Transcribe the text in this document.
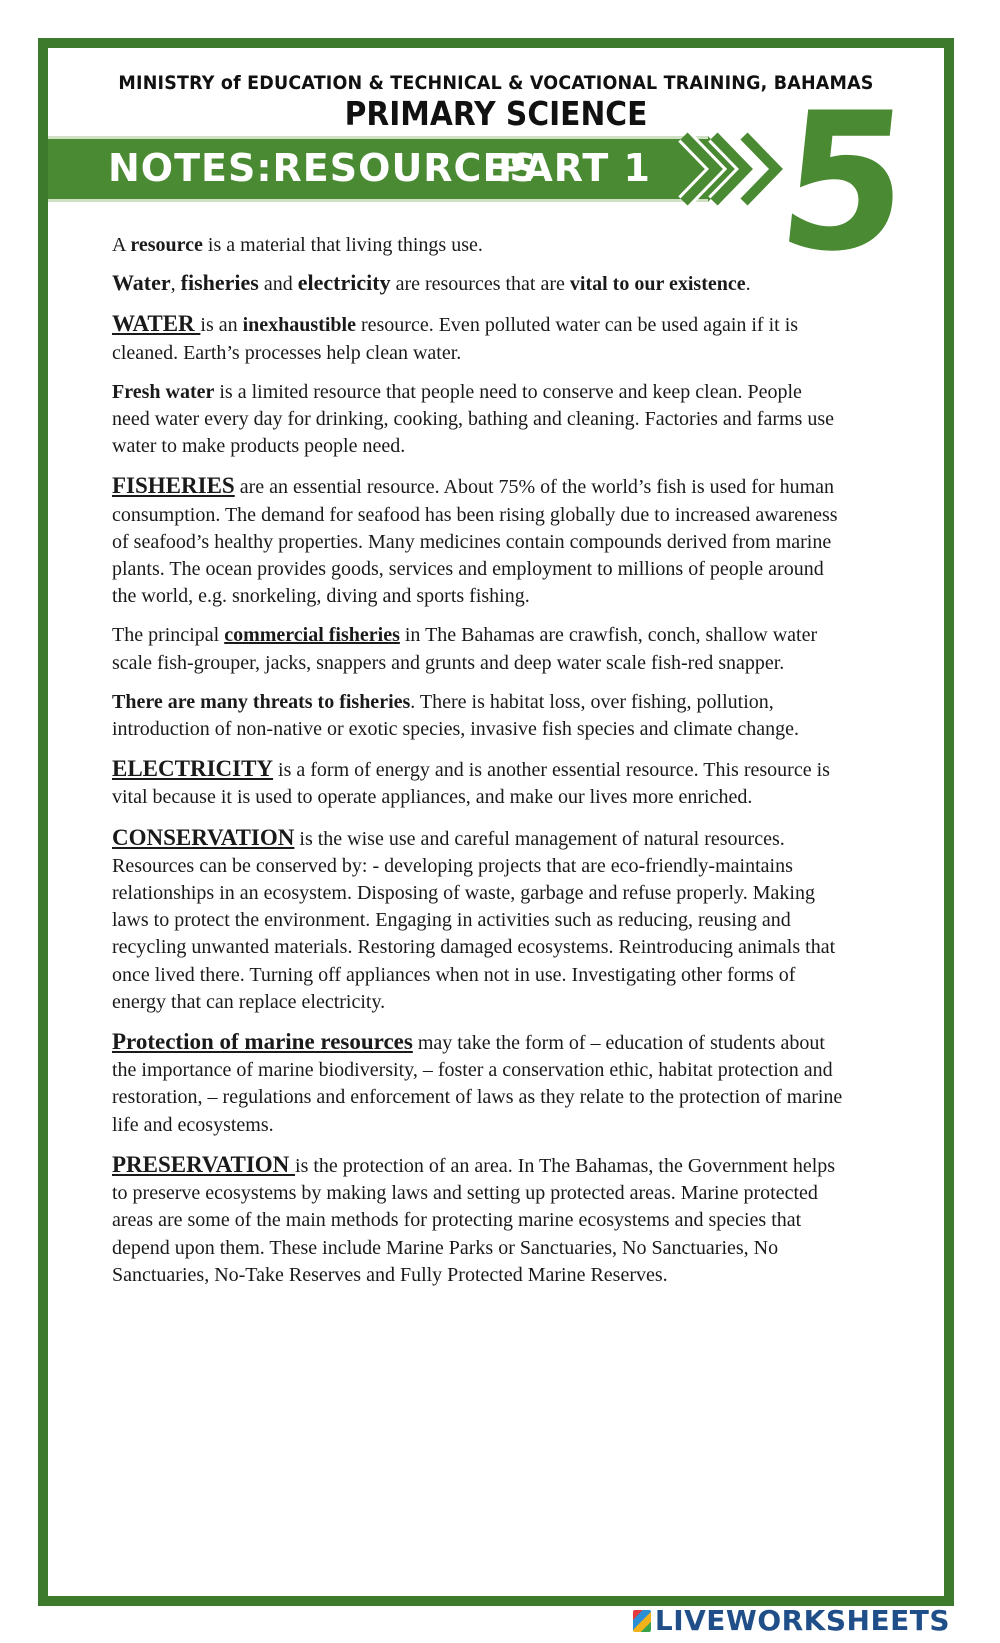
MINISTRY of EDUCATION & TECHNICAL & VOCATIONAL TRAINING, BAHAMAS
PRIMARY SCIENCE
NOTES:RESOURCES
PART 1 5

A resource is a material that living things use.

Water, fisheries and electricity are resources that are vital to our existence.

WATER is an inexhaustible resource. Even polluted water can be used again if it is cleaned. Earth’s processes help clean water.

Fresh water is a limited resource that people need to conserve and keep clean. People need water every day for drinking, cooking, bathing and cleaning. Factories and farms use water to make products people need.

FISHERIES are an essential resource. About 75% of the world’s fish is used for human consumption. The demand for seafood has been rising globally due to increased awareness of seafood’s healthy properties. Many medicines contain compounds derived from marine plants. The ocean provides goods, services and employment to millions of people around the world, e.g. snorkeling, diving and sports fishing.

The principal commercial fisheries in The Bahamas are crawfish, conch, shallow water scale fish-grouper, jacks, snappers and grunts and deep water scale fish-red snapper.

There are many threats to fisheries. There is habitat loss, over fishing, pollution, introduction of non-native or exotic species, invasive fish species and climate change.

ELECTRICITY is a form of energy and is another essential resource. This resource is vital because it is used to operate appliances, and make our lives more enriched.

CONSERVATION is the wise use and careful management of natural resources. Resources can be conserved by: - developing projects that are eco-friendly-maintains relationships in an ecosystem. Disposing of waste, garbage and refuse properly. Making laws to protect the environment. Engaging in activities such as reducing, reusing and recycling unwanted materials. Restoring damaged ecosystems. Reintroducing animals that once lived there. Turning off appliances when not in use. Investigating other forms of energy that can replace electricity.

Protection of marine resources may take the form of – education of students about the importance of marine biodiversity, – foster a conservation ethic, habitat protection and restoration, – regulations and enforcement of laws as they relate to the protection of marine life and ecosystems.

PRESERVATION is the protection of an area. In The Bahamas, the Government helps to preserve ecosystems by making laws and setting up protected areas. Marine protected areas are some of the main methods for protecting marine ecosystems and species that depend upon them. These include Marine Parks or Sanctuaries, No Sanctuaries, No Sanctuaries, No-Take Reserves and Fully Protected Marine Reserves.

LIVEWORKSHEETS
